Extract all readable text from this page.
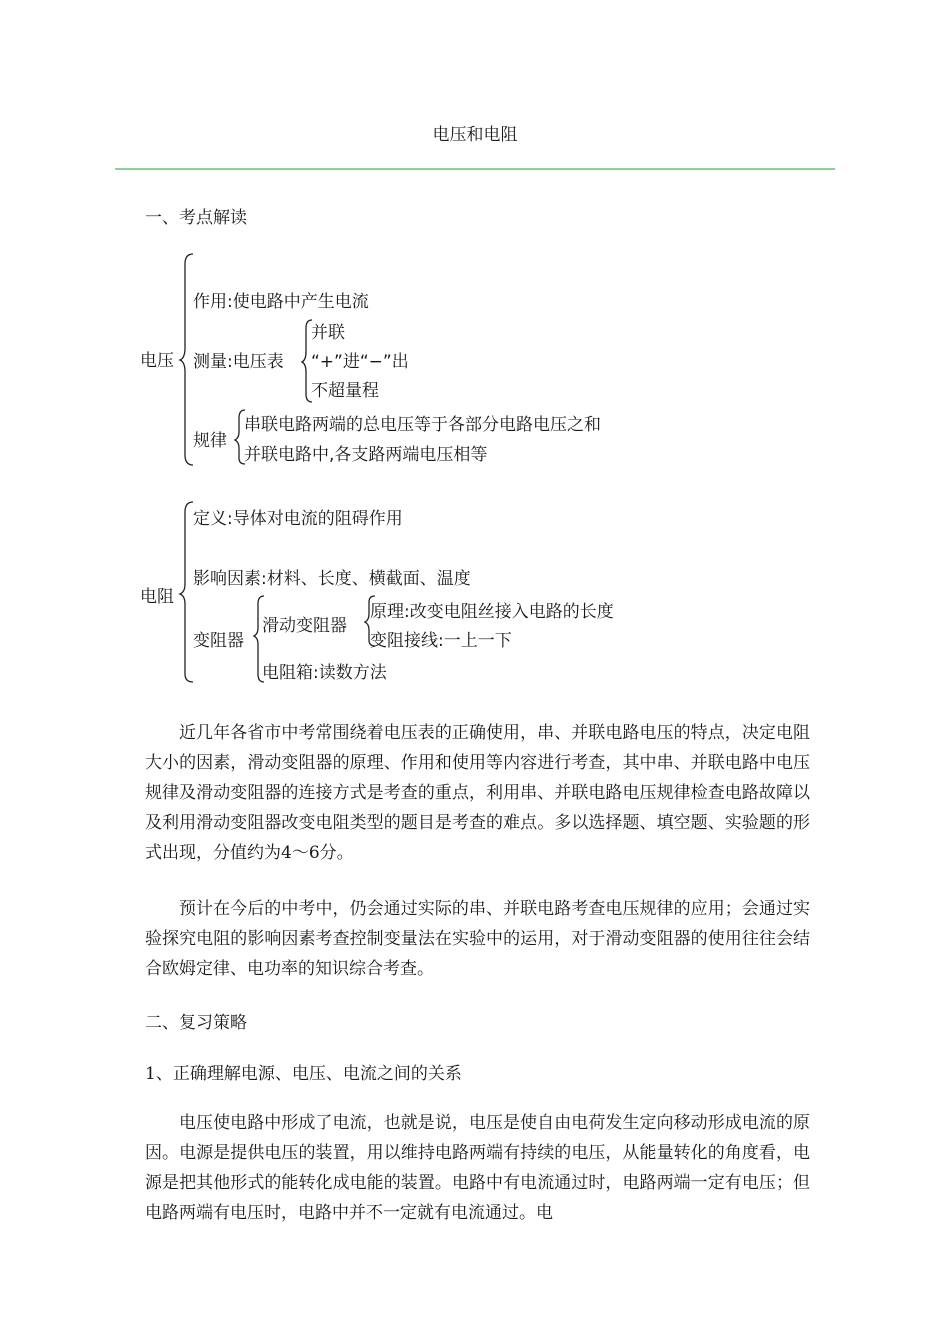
电压和电阻
一、考点解读
电压
作用:使电路中产生电流
测量:电压表
并联
“+”进“−”出
不超量程
规律
串联电路两端的总电压等于各部分电路电压之和
并联电路中,各支路两端电压相等
电阻
定义:导体对电流的阻碍作用
影响因素:材料、长度、横截面、温度
变阻器
滑动变阻器
原理:改变电阻丝接入电路的长度
变阻接线:一上一下
电阻箱:读数方法

近几年各省市中考常围绕着电压表的正确使用，串、并联电路电压的特点，决定电阻大小的因素，滑动变阻器的原理、作用和使用等内容进行考查，其中串、并联电路中电压规律及滑动变阻器的连接方式是考查的重点，利用串、并联电路电压规律检查电路故障以及利用滑动变阻器改变电阻类型的题目是考查的难点。多以选择题、填空题、实验题的形式出现，分值约为4～6分。

预计在今后的中考中，仍会通过实际的串、并联电路考查电压规律的应用；会通过实验探究电阻的影响因素考查控制变量法在实验中的运用，对于滑动变阻器的使用往往会结合欧姆定律、电功率的知识综合考查。

二、复习策略
1、正确理解电源、电压、电流之间的关系

电压使电路中形成了电流，也就是说，电压是使自由电荷发生定向移动形成电流的原因。电源是提供电压的装置，用以维持电路两端有持续的电压，从能量转化的角度看，电源是把其他形式的能转化成电能的装置。电路中有电流通过时，电路两端一定有电压；但电路两端有电压时，电路中并不一定就有电流通过。电
